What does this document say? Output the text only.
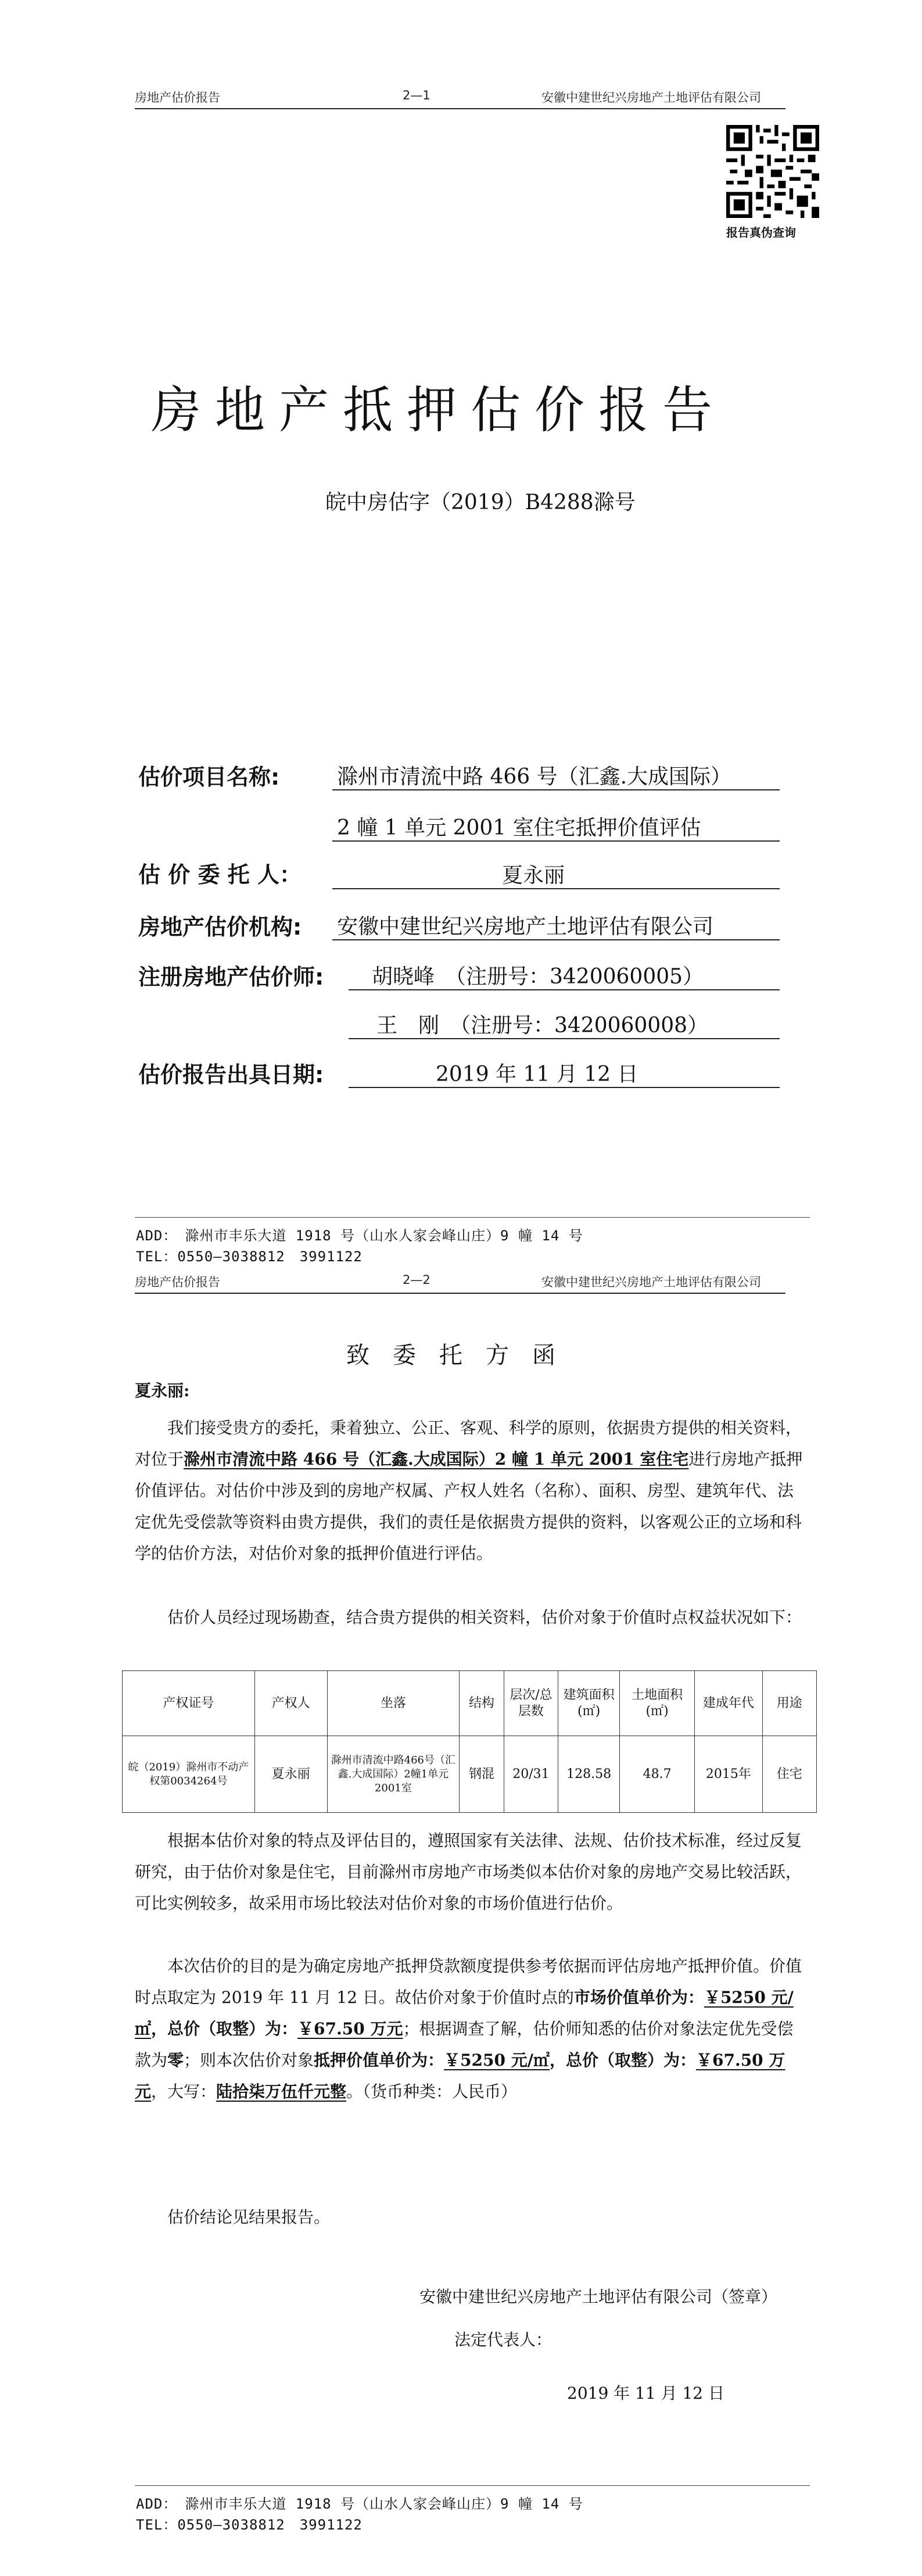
房地产估价报告	2—1	安徽中建世纪兴房地产土地评估有限公司
报告真伪查询
房地产抵押估价报告
皖中房估字（2019）B4288滁号
估价项目名称:	滁州市清流中路 466 号（汇鑫.大成国际）
2 幢 1 单元 2001 室住宅抵押价值评估
估 价 委 托 人：	夏永丽
房地产估价机构: 安徽中建世纪兴房地产土地评估有限公司
注册房地产估价师: 胡晓峰　（注册号：3420060005）
王　刚　（注册号：3420060008）
估价报告出具日期:	2019 年 11 月 12 日
ADD：　滁州市丰乐大道 1918 号（山水人家会峰山庄）9 幢 14 号
TEL：0550—3038812　3991122
房地产估价报告	2—2	安徽中建世纪兴房地产土地评估有限公司
致委托方函
夏永丽:
我们接受贵方的委托，秉着独立、公正、客观、科学的原则，依据贵方提供的相关资料，对位于滁州市清流中路 466 号（汇鑫.大成国际）2 幢 1 单元 2001 室住宅进行房地产抵押价值评估。对估价中涉及到的房地产权属、产权人姓名（名称）、面积、房型、建筑年代、法定优先受偿款等资料由贵方提供，我们的责任是依据贵方提供的资料，以客观公正的立场和科学的估价方法，对估价对象的抵押价值进行评估。
估价人员经过现场勘查，结合贵方提供的相关资料，估价对象于价值时点权益状况如下：
产权证号	产权人	坐落	结构	层次/总层数	建筑面积(㎡)	土地面积(㎡)	建成年代	用途
皖（2019）滁州市不动产权第0034264号	夏永丽	滁州市清流中路466号（汇鑫.大成国际）2幢1单元2001室	钢混	20/31	128.58	48.7	2015年	住宅
根据本估价对象的特点及评估目的，遵照国家有关法律、法规、估价技术标准，经过反复研究，由于估价对象是住宅，目前滁州市房地产市场类似本估价对象的房地产交易比较活跃，可比实例较多，故采用市场比较法对估价对象的市场价值进行估价。
本次估价的目的是为确定房地产抵押贷款额度提供参考依据而评估房地产抵押价值。价值时点取定为 2019 年 11 月 12 日。故估价对象于价值时点的市场价值单价为：￥5250 元/㎡，总价（取整）为：￥67.50 万元；根据调查了解，估价师知悉的估价对象法定优先受偿款为零；则本次估价对象抵押价值单价为：￥5250 元/㎡，总价（取整）为：￥67.50 万元，大写：陆拾柒万伍仟元整。（货币种类：人民币）
估价结论见结果报告。
安徽中建世纪兴房地产土地评估有限公司（签章）
法定代表人：
2019 年 11 月 12 日
ADD：　滁州市丰乐大道 1918 号（山水人家会峰山庄）9 幢 14 号
TEL：0550—3038812　3991122
